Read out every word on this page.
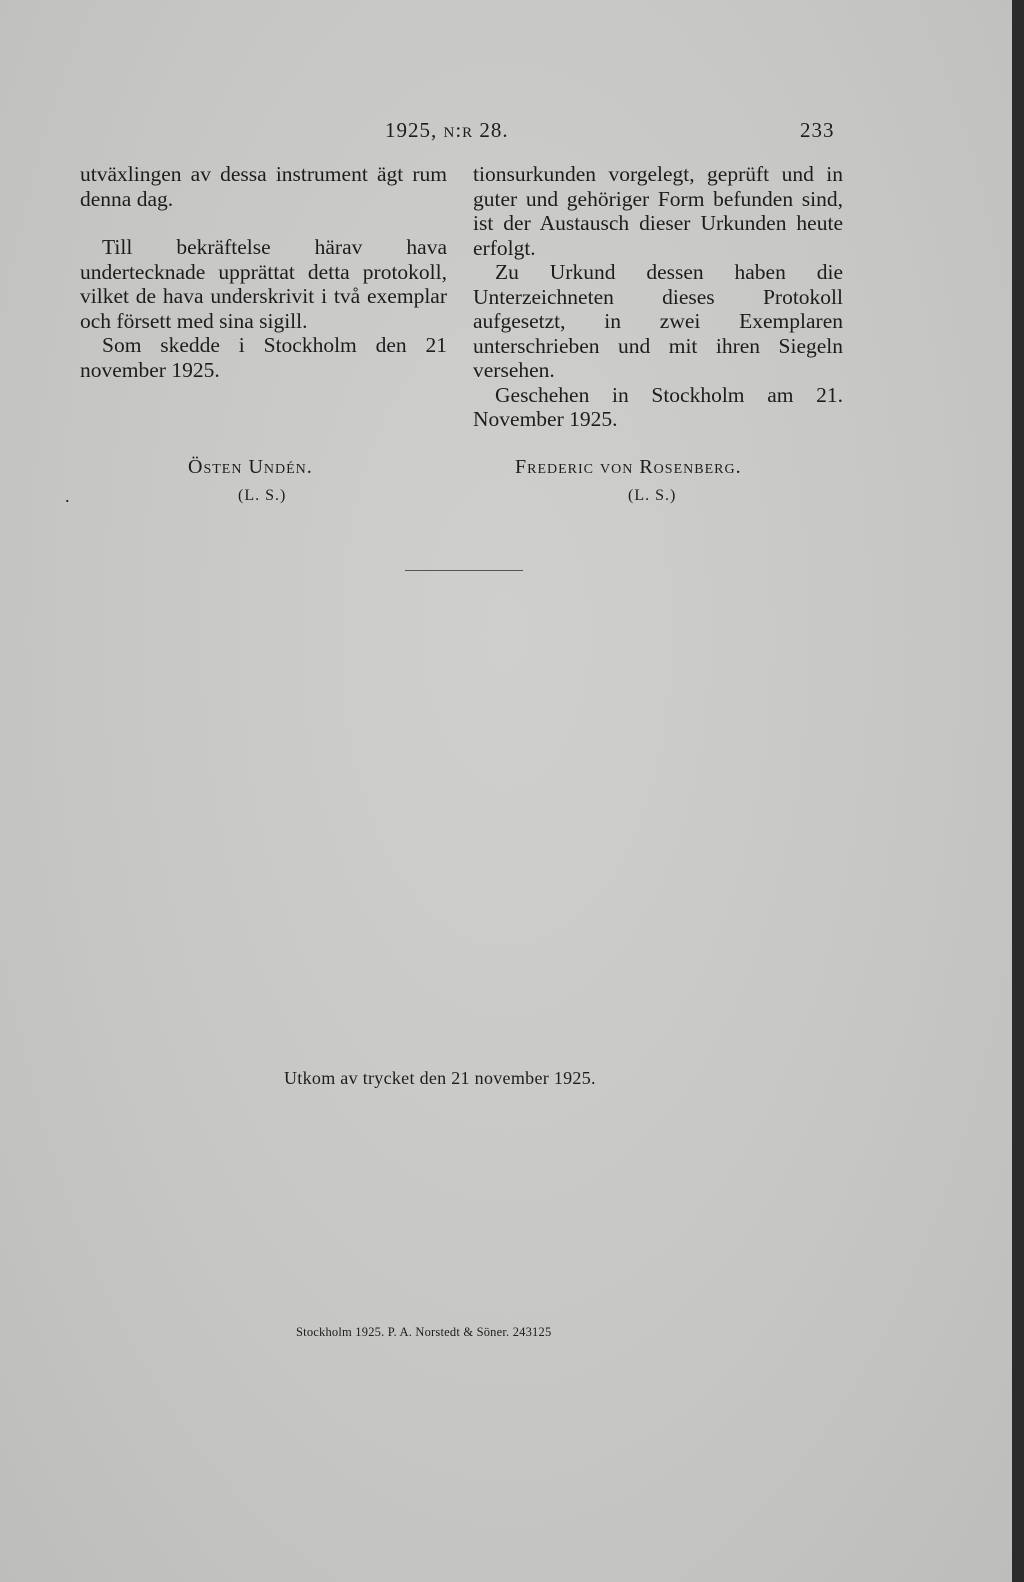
1925, n:r 28.	233

utväxlingen av dessa instrument ägt rum denna dag.

Till bekräftelse härav hava undertecknade upprättat detta protokoll, vilket de hava underskrivit i två exemplar och försett med sina sigill.

Som skedde i Stockholm den 21 november 1925.

tionsurkunden vorgelegt, geprüft und in guter und gehöriger Form befunden sind, ist der Austausch dieser Urkunden heute erfolgt.

Zu Urkund dessen haben die Unterzeichneten dieses Protokoll aufgesetzt, in zwei Exemplaren unterschrieben und mit ihren Siegeln versehen.

Geschehen in Stockholm am 21. November 1925.

Östen Undén.
(L. S.)
.
Frederic von Rosenberg.
(L. S.)
Utkom av trycket den 21 november 1925.
Stockholm 1925. P. A. Norstedt & Söner. 243125
